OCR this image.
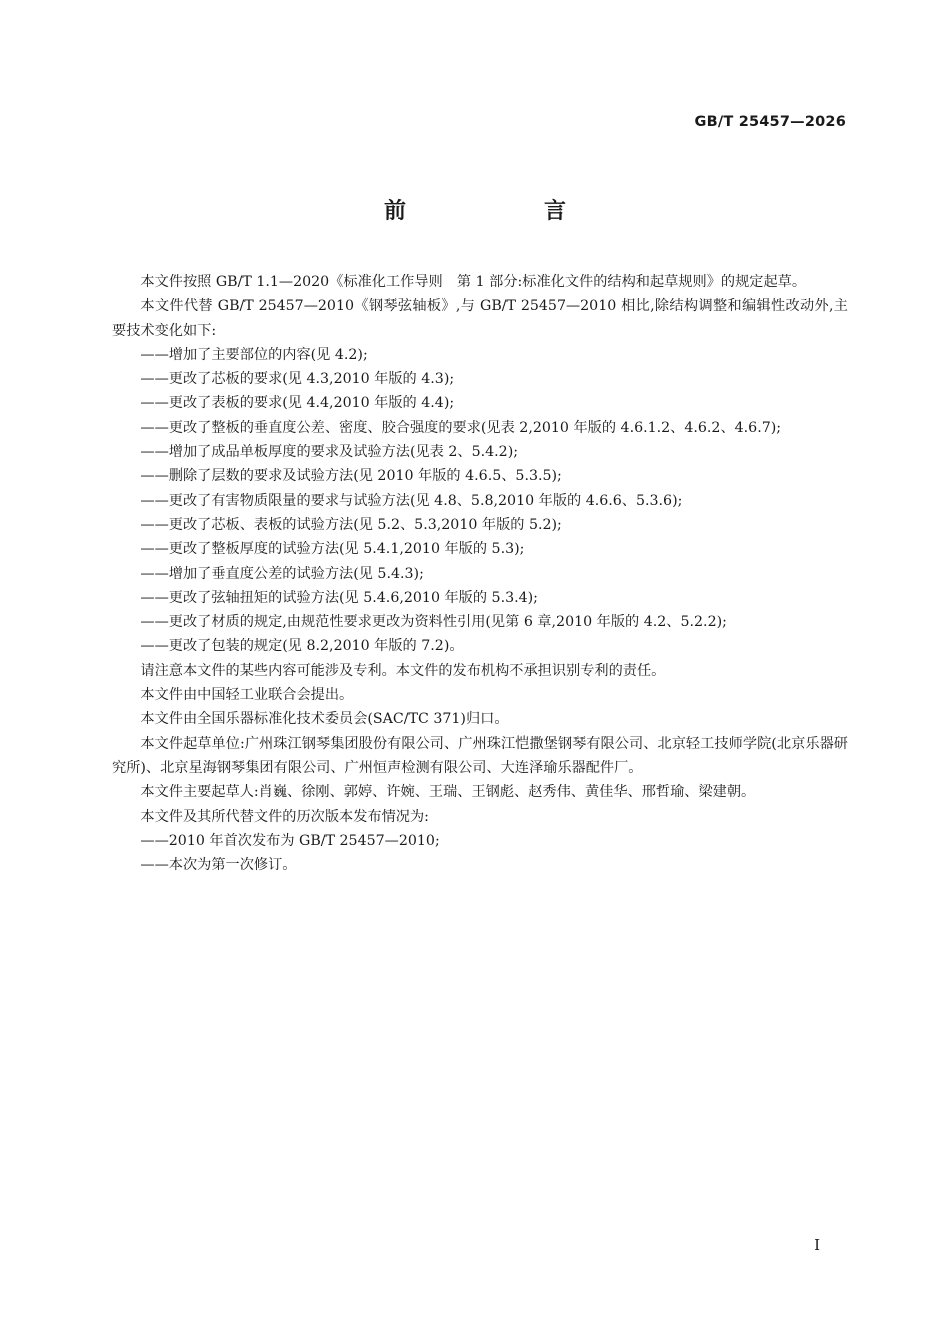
GB/T 25457—2026
前　言

本文件按照 GB/T 1.1—2020《标准化工作导则　第 1 部分:标准化文件的结构和起草规则》的规定起草。

本文件代替 GB/T 25457—2010《钢琴弦轴板》,与 GB/T 25457—2010 相比,除结构调整和编辑性改动外,主要技术变化如下:

——增加了主要部位的内容(见 4.2);

——更改了芯板的要求(见 4.3,2010 年版的 4.3);

——更改了表板的要求(见 4.4,2010 年版的 4.4);

——更改了整板的垂直度公差、密度、胶合强度的要求(见表 2,2010 年版的 4.6.1.2、4.6.2、4.6.7);

——增加了成品单板厚度的要求及试验方法(见表 2、5.4.2);

——删除了层数的要求及试验方法(见 2010 年版的 4.6.5、5.3.5);

——更改了有害物质限量的要求与试验方法(见 4.8、5.8,2010 年版的 4.6.6、5.3.6);

——更改了芯板、表板的试验方法(见 5.2、5.3,2010 年版的 5.2);

——更改了整板厚度的试验方法(见 5.4.1,2010 年版的 5.3);

——增加了垂直度公差的试验方法(见 5.4.3);

——更改了弦轴扭矩的试验方法(见 5.4.6,2010 年版的 5.3.4);

——更改了材质的规定,由规范性要求更改为资料性引用(见第 6 章,2010 年版的 4.2、5.2.2);

——更改了包装的规定(见 8.2,2010 年版的 7.2)。

请注意本文件的某些内容可能涉及专利。本文件的发布机构不承担识别专利的责任。

本文件由中国轻工业联合会提出。

本文件由全国乐器标准化技术委员会(SAC/TC 371)归口。

本文件起草单位:广州珠江钢琴集团股份有限公司、广州珠江恺撒堡钢琴有限公司、北京轻工技师学院(北京乐器研究所)、北京星海钢琴集团有限公司、广州恒声检测有限公司、大连泽瑜乐器配件厂。

本文件主要起草人:肖巍、徐刚、郭婷、许婉、王瑞、王钢彪、赵秀伟、黄佳华、邢哲瑜、梁建朝。

本文件及其所代替文件的历次版本发布情况为:

——2010 年首次发布为 GB/T 25457—2010;

——本次为第一次修订。

I
